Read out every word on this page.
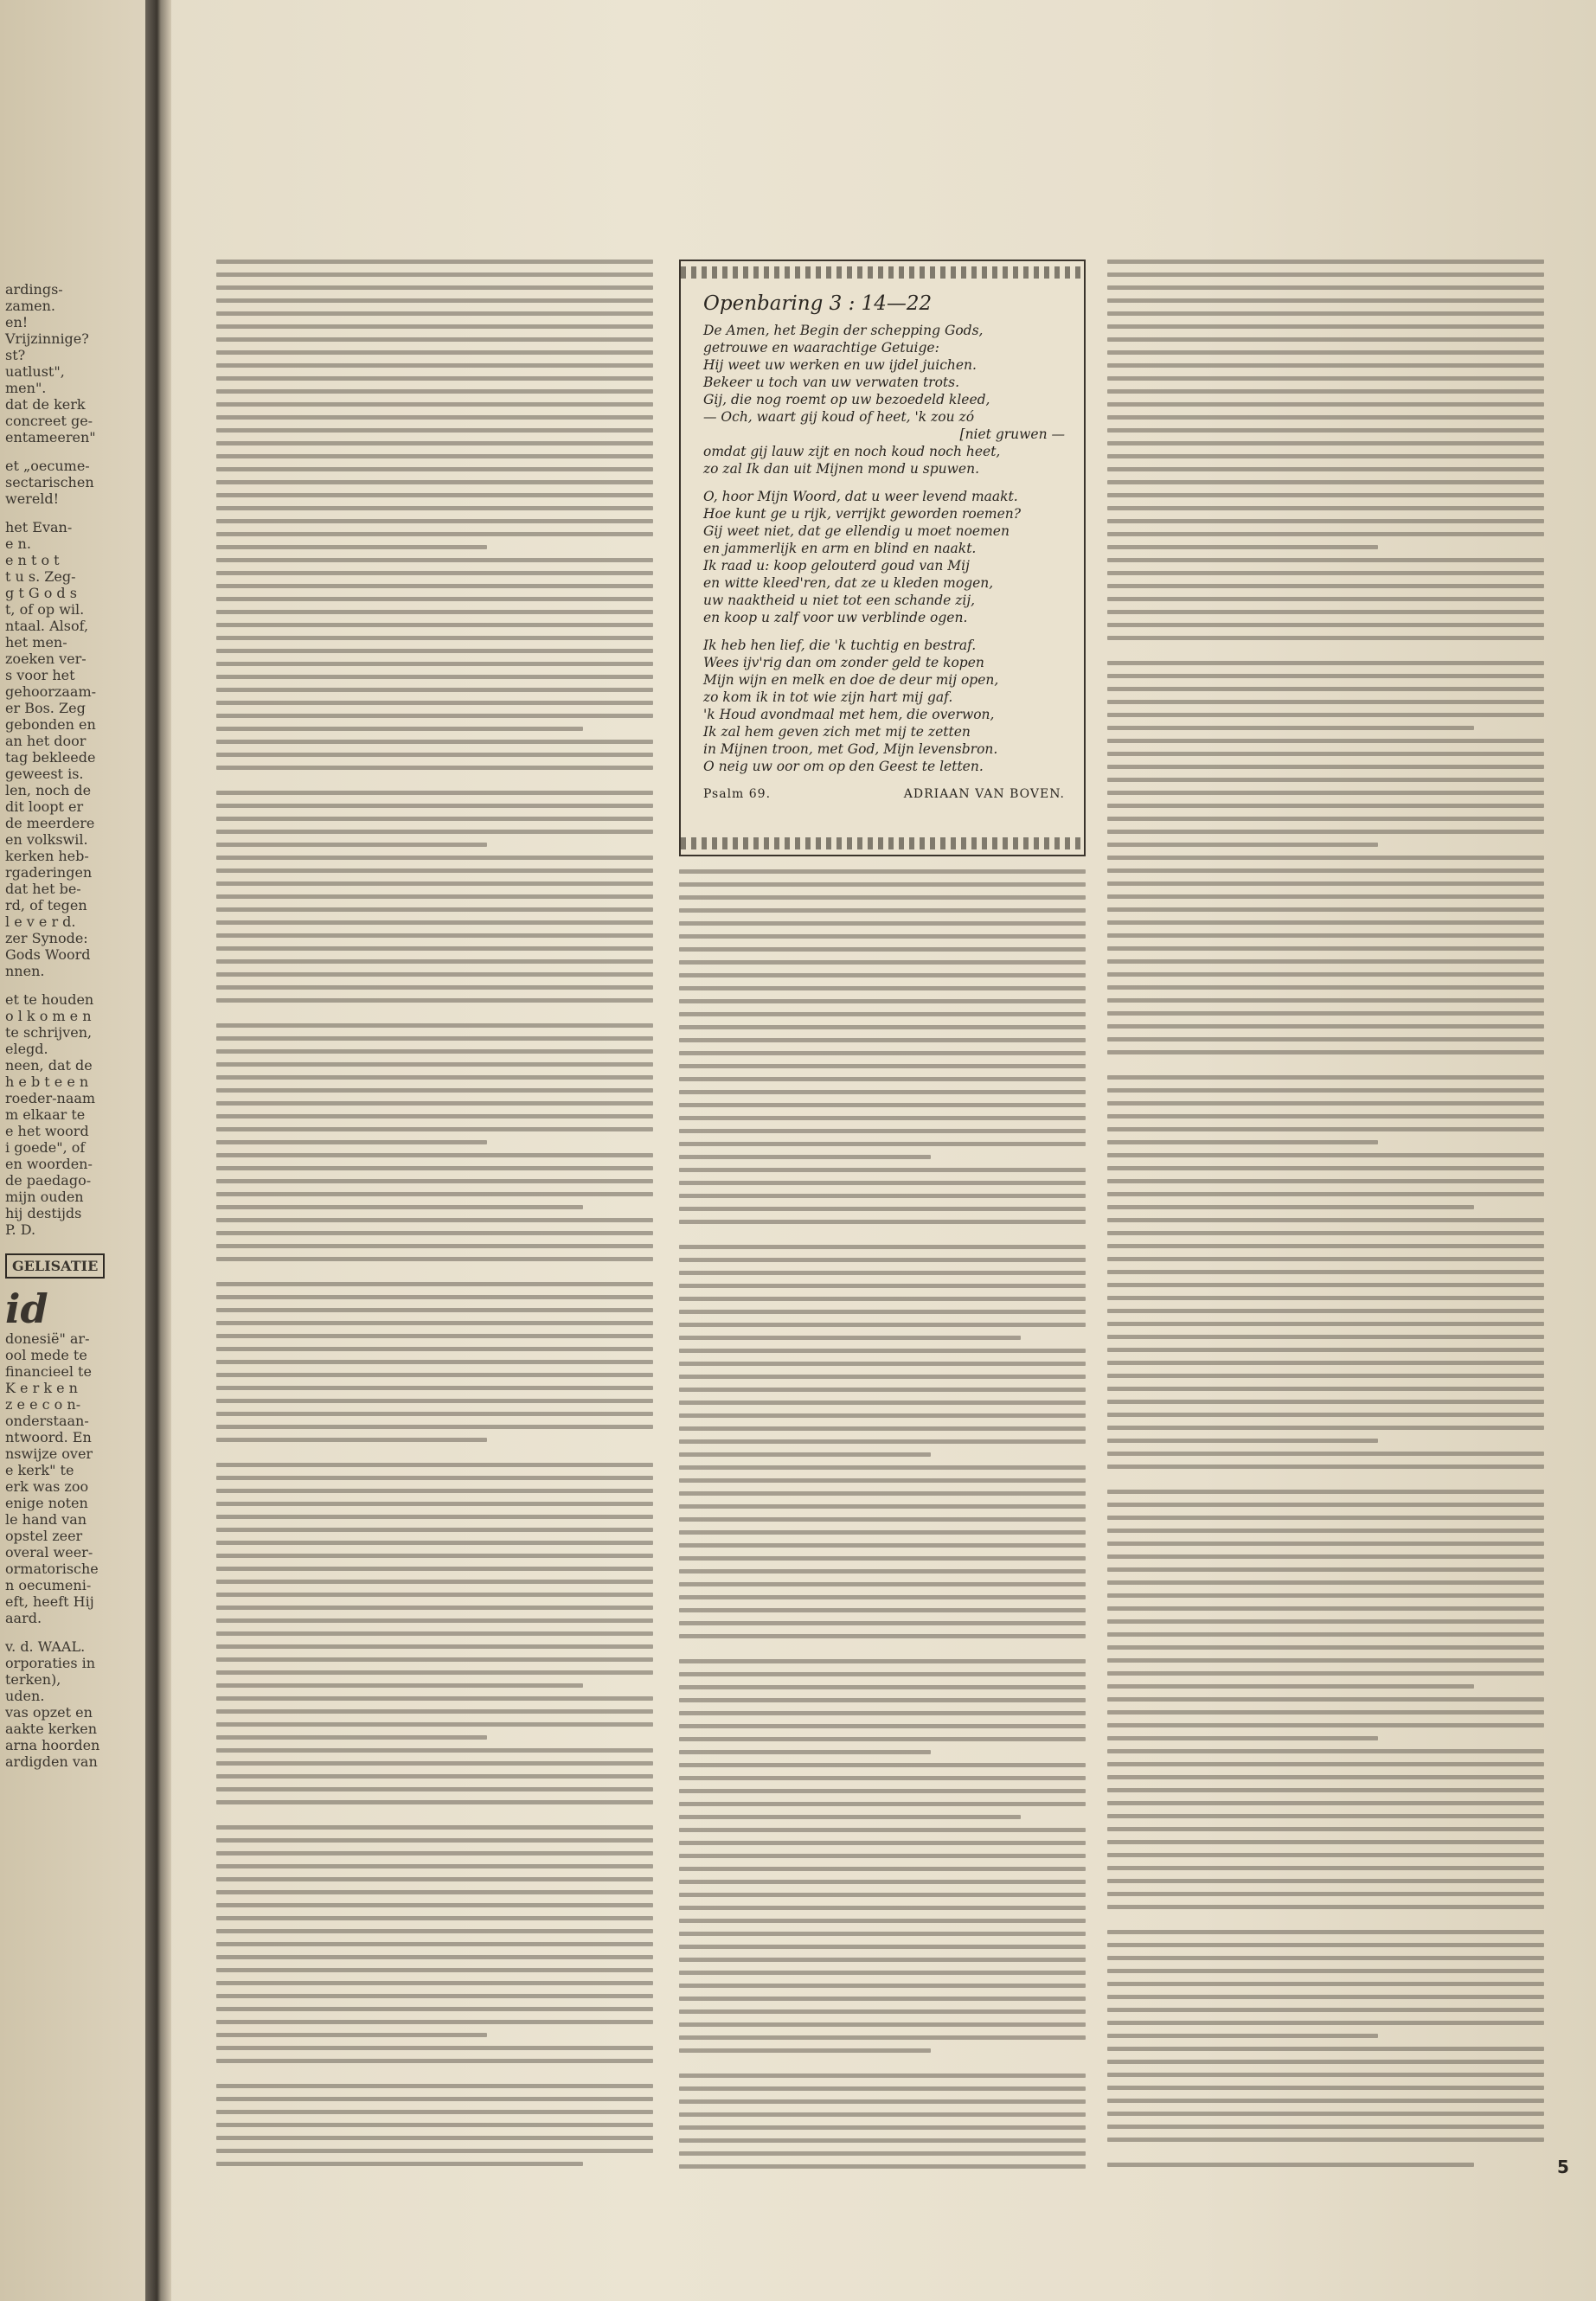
ardings-
zamen.
en!
Vrijzinnige?
st?
uatlust",
men".
dat de kerk
concreet ge-
entameeren"
et „oecume-
sectarischen
wereld!
het Evan-
e n.
e n t o t
t u s. Zeg-
g t G o d s
t, of op wil.
ntaal. Alsof,
het men-
zoeken ver-
s voor het
gehoorzaam-
er Bos. Zeg
gebonden en
an het door
tag bekleede
geweest is.
len, noch de
dit loopt er
de meerdere
en volkswil.
kerken heb-
rgaderingen
dat het be-
rd, of tegen
l e v e r d.
zer Synode:
Gods Woord
nnen.
et te houden
o l k o m e n
te schrijven,
elegd.
neen, dat de
h e b t e e n
roeder-naam
m elkaar te
e het woord
i goede", of
en woorden-
de paedago-
mijn ouden
hij destijds
P. D.
GELISATIE
id
donesië" ar-
ool mede te
financieel te
K e r k e n
z e e c o n-
onderstaan-
ntwoord. En
nswijze over
e kerk" te
erk was zoo
enige noten
le hand van
opstel zeer
overal weer-
ormatorische
n oecumeni-
eft, heeft Hij
aard.
v. d. WAAL.
orporaties in
terken),
uden.
vas opzet en
aakte kerken
arna hoorden
ardigden van
Openbaring 3 : 14—22

De Amen, het Begin der schepping Gods,
getrouwe en waarachtige Getuige:
Hij weet uw werken en uw ijdel juichen.
Bekeer u toch van uw verwaten trots.
Gij, die nog roemt op uw bezoedeld kleed,
— Och, waart gij koud of heet, 'k zou zó
[niet gruwen —
omdat gij lauw zijt en noch koud noch heet,
zo zal Ik dan uit Mijnen mond u spuwen.

O, hoor Mijn Woord, dat u weer levend maakt.
Hoe kunt ge u rijk, verrijkt geworden roemen?
Gij weet niet, dat ge ellendig u moet noemen
en jammerlijk en arm en blind en naakt.
Ik raad u: koop gelouterd goud van Mij
en witte kleed'ren, dat ze u kleden mogen,
uw naaktheid u niet tot een schande zij,
en koop u zalf voor uw verblinde ogen.

Ik heb hen lief, die 'k tuchtig en bestraf.
Wees ijv'rig dan om zonder geld te kopen
Mijn wijn en melk en doe de deur mij open,
zo kom ik in tot wie zijn hart mij gaf.
'k Houd avondmaal met hem, die overwon,
Ik zal hem geven zich met mij te zetten
in Mijnen troon, met God, Mijn levensbron.
O neig uw oor om op den Geest te letten.

Psalm 69.	ADRIAAN VAN BOVEN.
5
